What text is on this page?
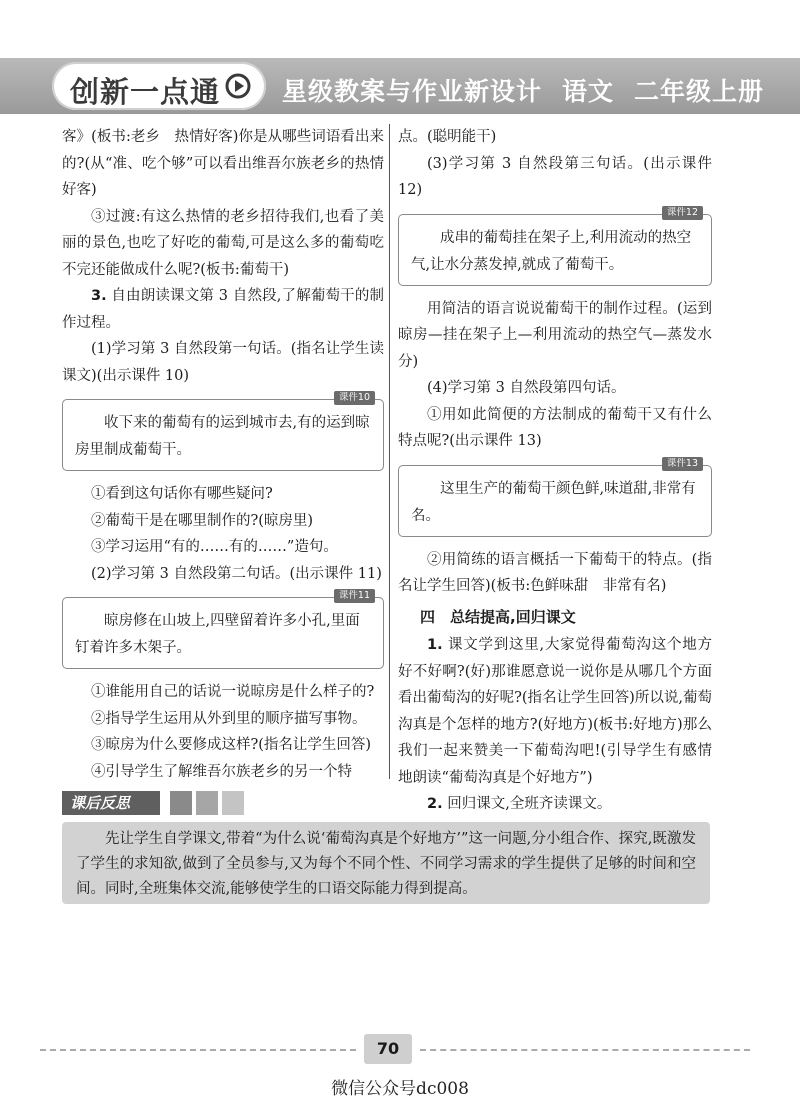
创新一点通 星级教案与作业新设计 语文 二年级上册

客》(板书:老乡　热情好客)你是从哪些词语看出来的?(从“准、吃个够”可以看出维吾尔族老乡的热情好客)

③过渡:有这么热情的老乡招待我们,也看了美丽的景色,也吃了好吃的葡萄,可是这么多的葡萄吃不完还能做成什么呢?(板书:葡萄干)

3. 自由朗读课文第 3 自然段,了解葡萄干的制作过程。

(1)学习第 3 自然段第一句话。(指名让学生读课文)(出示课件 10)

课件10
收下来的葡萄有的运到城市去,有的运到晾房里制成葡萄干。

①看到这句话你有哪些疑问?

②葡萄干是在哪里制作的?(晾房里)

③学习运用“有的……有的……”造句。

(2)学习第 3 自然段第二句话。(出示课件 11)

课件11
晾房修在山坡上,四壁留着许多小孔,里面钉着许多木架子。

①谁能用自己的话说一说晾房是什么样子的?

②指导学生运用从外到里的顺序描写事物。

③晾房为什么要修成这样?(指名让学生回答)

④引导学生了解维吾尔族老乡的另一个特

点。(聪明能干)

(3)学习第 3 自然段第三句话。(出示课件 12)

课件12
成串的葡萄挂在架子上,利用流动的热空气,让水分蒸发掉,就成了葡萄干。

用简洁的语言说说葡萄干的制作过程。(运到晾房—挂在架子上—利用流动的热空气—蒸发水分)

(4)学习第 3 自然段第四句话。

①用如此简便的方法制成的葡萄干又有什么特点呢?(出示课件 13)

课件13
这里生产的葡萄干颜色鲜,味道甜,非常有名。

②用简练的语言概括一下葡萄干的特点。(指名让学生回答)(板书:色鲜味甜　非常有名)

四　总结提高,回归课文

1. 课文学到这里,大家觉得葡萄沟这个地方好不好啊?(好)那谁愿意说一说你是从哪几个方面看出葡萄沟的好呢?(指名让学生回答)所以说,葡萄沟真是个怎样的地方?(好地方)(板书:好地方)那么我们一起来赞美一下葡萄沟吧!(引导学生有感情地朗读“葡萄沟真是个好地方”)

2. 回归课文,全班齐读课文。

课后反思
先让学生自学课文,带着“为什么说‘葡萄沟真是个好地方’”这一问题,分小组合作、探究,既激发了学生的求知欲,做到了全员参与,又为每个不同个性、不同学习需求的学生提供了足够的时间和空间。同时,全班集体交流,能够使学生的口语交际能力得到提高。
70
微信公众号dc008
